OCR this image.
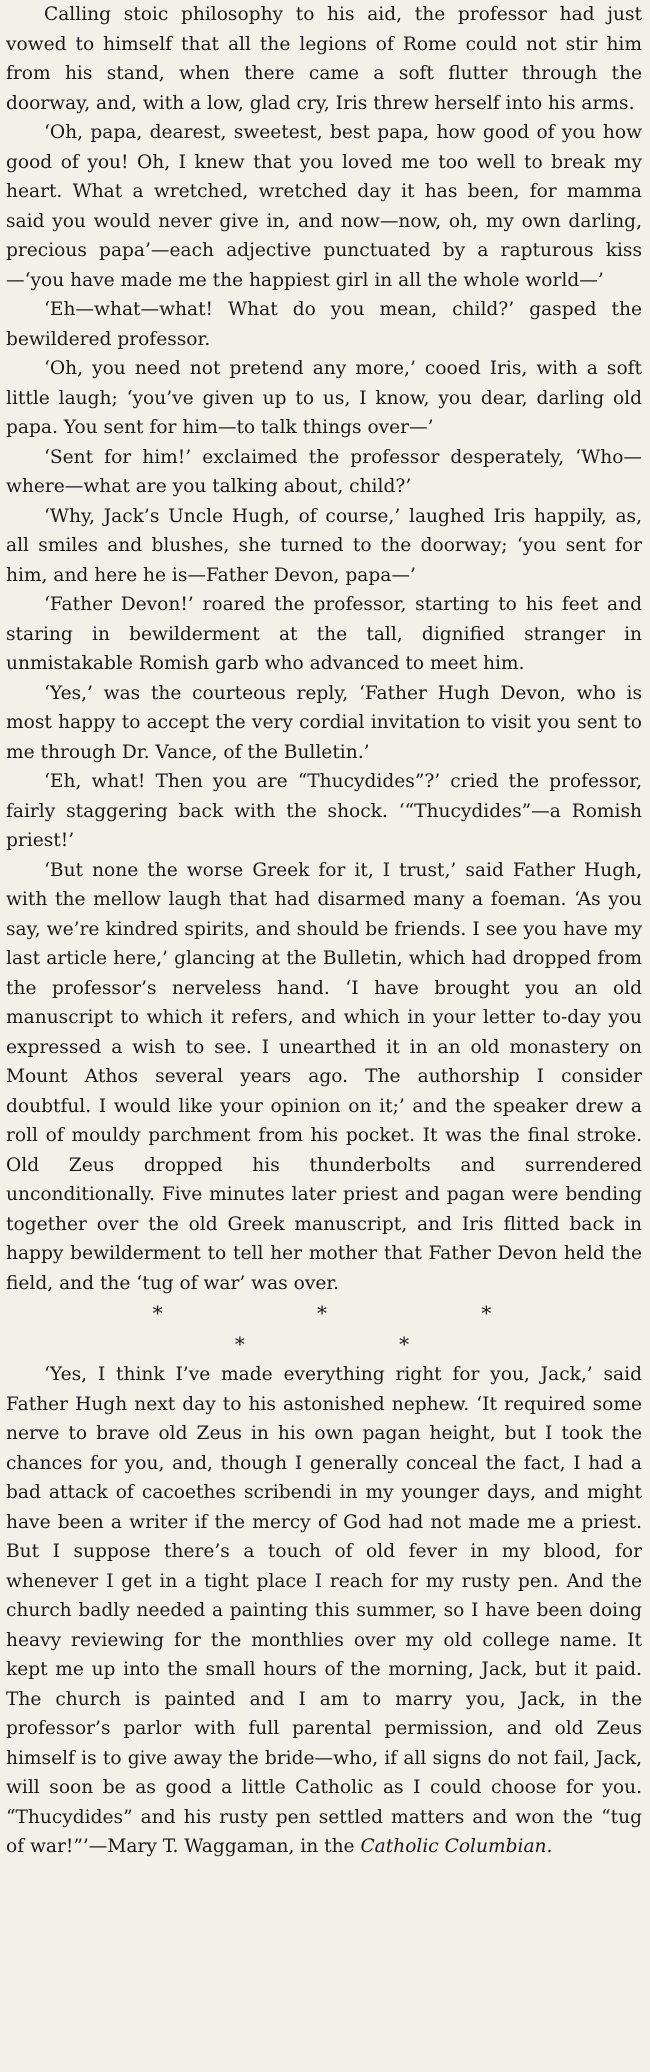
Calling stoic philosophy to his aid, the professor had just vowed to himself that all the legions of Rome could not stir him from his stand, when there came a soft flutter through the doorway, and, with a low, glad cry, Iris threw herself into his arms.

‘Oh, papa, dearest, sweetest, best papa, how good of you how good of you! Oh, I knew that you loved me too well to break my heart. What a wretched, wretched day it has been, for mamma said you would never give in, and now—now, oh, my own darling, precious papa’—each adjective punctuated by a rapturous kiss—‘you have made me the happiest girl in all the whole world—’

‘Eh—what—what! What do you mean, child?’ gasped the bewildered professor.

‘Oh, you need not pretend any more,’ cooed Iris, with a soft little laugh; ‘you’ve given up to us, I know, you dear, darling old papa. You sent for him—to talk things over—’

‘Sent for him!’ exclaimed the professor desperately, ‘Who—where—what are you talking about, child?’

‘Why, Jack’s Uncle Hugh, of course,’ laughed Iris happily, as, all smiles and blushes, she turned to the doorway; ‘you sent for him, and here he is—Father Devon, papa—’

‘Father Devon!’ roared the professor, starting to his feet and staring in bewilderment at the tall, dignified stranger in unmistakable Romish garb who advanced to meet him.

‘Yes,’ was the courteous reply, ‘Father Hugh Devon, who is most happy to accept the very cordial invitation to visit you sent to me through Dr. Vance, of the Bulletin.’

‘Eh, what! Then you are “Thucydides”?’ cried the professor, fairly staggering back with the shock. ‘“Thucydides”—a Romish priest!’

‘But none the worse Greek for it, I trust,’ said Father Hugh, with the mellow laugh that had disarmed many a foeman. ‘As you say, we’re kindred spirits, and should be friends. I see you have my last article here,’ glancing at the Bulletin, which had dropped from the professor’s nerveless hand. ‘I have brought you an old manuscript to which it refers, and which in your letter to-day you expressed a wish to see. I unearthed it in an old monastery on Mount Athos several years ago. The authorship I consider doubtful. I would like your opinion on it;’ and the speaker drew a roll of mouldy parchment from his pocket. It was the final stroke. Old Zeus dropped his thunderbolts and surrendered unconditionally. Five minutes later priest and pagan were bending together over the old Greek manuscript, and Iris flitted back in happy bewilderment to tell her mother that Father Devon held the field, and the ‘tug of war’ was over.

* * * * *

‘Yes, I think I’ve made everything right for you, Jack,’ said Father Hugh next day to his astonished nephew. ‘It required some nerve to brave old Zeus in his own pagan height, but I took the chances for you, and, though I generally conceal the fact, I had a bad attack of cacoethes scribendi in my younger days, and might have been a writer if the mercy of God had not made me a priest. But I suppose there’s a touch of old fever in my blood, for whenever I get in a tight place I reach for my rusty pen. And the church badly needed a painting this summer, so I have been doing heavy reviewing for the monthlies over my old college name. It kept me up into the small hours of the morning, Jack, but it paid. The church is painted and I am to marry you, Jack, in the professor’s parlor with full parental permission, and old Zeus himself is to give away the bride—who, if all signs do not fail, Jack, will soon be as good a little Catholic as I could choose for you. “Thucydides” and his rusty pen settled matters and won the “tug of war!”’—Mary T. Waggaman, in the Catholic Columbian.
